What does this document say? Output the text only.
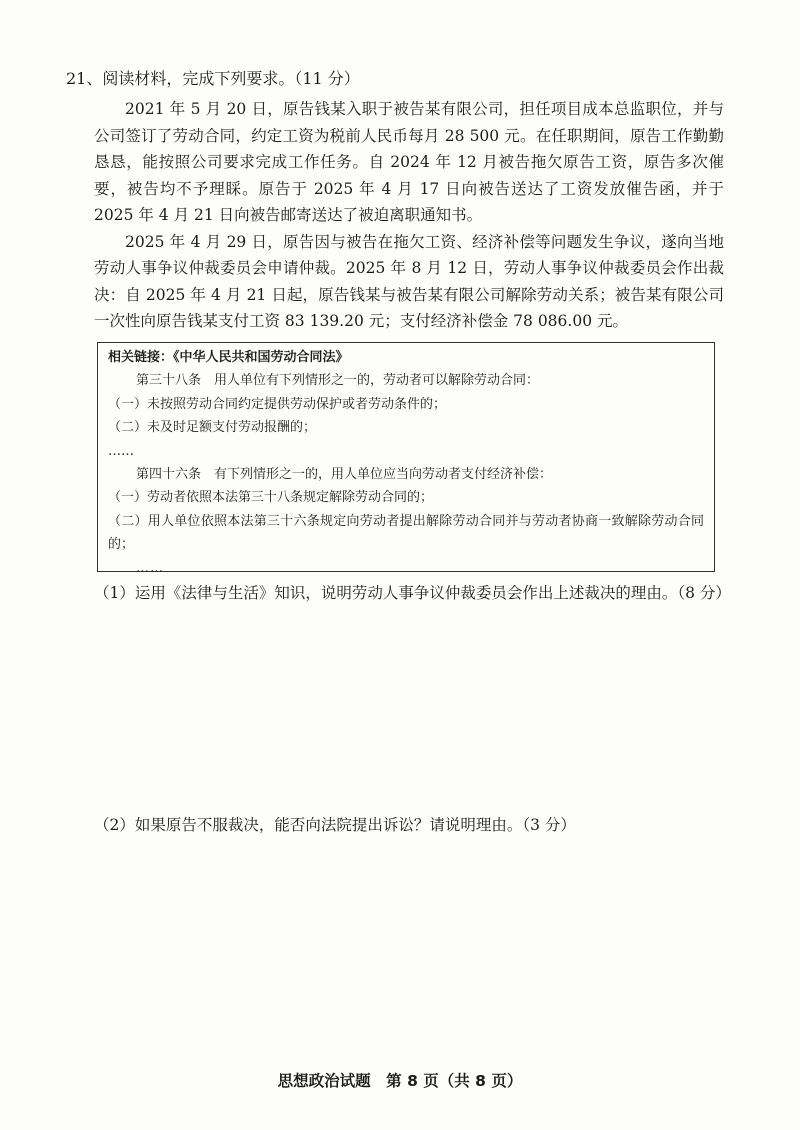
21、阅读材料，完成下列要求。（11 分）

2021 年 5 月 20 日，原告钱某入职于被告某有限公司，担任项目成本总监职位，并与公司签订了劳动合同，约定工资为税前人民币每月 28 500 元。在任职期间，原告工作勤勤恳恳，能按照公司要求完成工作任务。自 2024 年 12 月被告拖欠原告工资，原告多次催要，被告均不予理睬。原告于 2025 年 4 月 17 日向被告送达了工资发放催告函，并于 2025 年 4 月 21 日向被告邮寄送达了被迫离职通知书。

2025 年 4 月 29 日，原告因与被告在拖欠工资、经济补偿等问题发生争议，遂向当地劳动人事争议仲裁委员会申请仲裁。2025 年 8 月 12 日，劳动人事争议仲裁委员会作出裁决：自 2025 年 4 月 21 日起，原告钱某与被告某有限公司解除劳动关系；被告某有限公司一次性向原告钱某支付工资 83 139.20 元；支付经济补偿金 78 086.00 元。

相关链接：《中华人民共和国劳动合同法》
第三十八条　用人单位有下列情形之一的，劳动者可以解除劳动合同：
（一）未按照劳动合同约定提供劳动保护或者劳动条件的；
（二）未及时足额支付劳动报酬的；
……
第四十六条　有下列情形之一的，用人单位应当向劳动者支付经济补偿：
（一）劳动者依照本法第三十八条规定解除劳动合同的；
（二）用人单位依照本法第三十六条规定向劳动者提出解除劳动合同并与劳动者协商一致解除劳动合同的；
……
（1）运用《法律与生活》知识，说明劳动人事争议仲裁委员会作出上述裁决的理由。（8 分）
（2）如果原告不服裁决，能否向法院提出诉讼？请说明理由。（3 分）
思想政治试题　第 8 页（共 8 页）
